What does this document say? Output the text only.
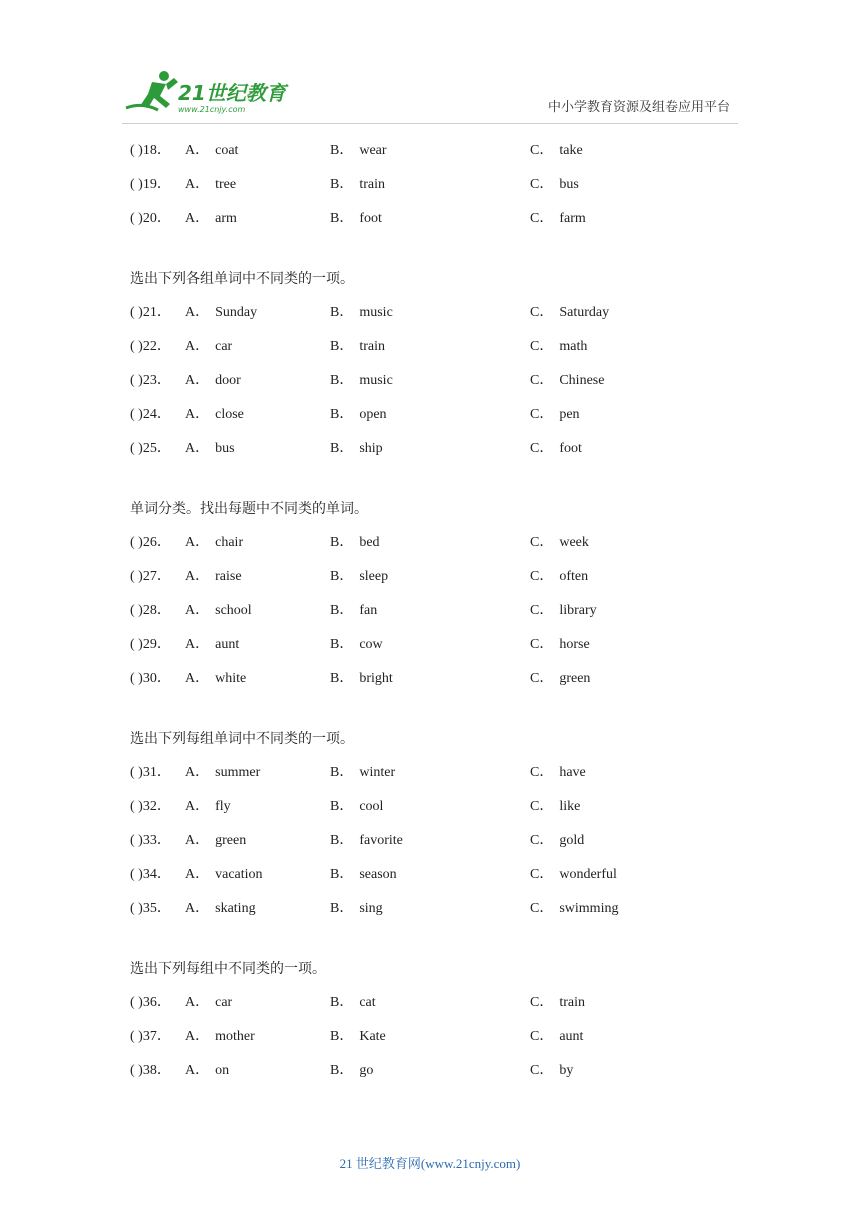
21世纪教育
www.21cnjy.com	中小学教育资源及组卷应用平台
( )18． A． coat	B． wear	C． take
( )19． A． tree	B． train	C． bus
( )20． A． arm	B． foot	C． farm
选出下列各组单词中不同类的一项。
( )21． A． Sunday	B． music	C． Saturday
( )22． A． car	B． train	C． math
( )23． A． door	B． music	C． Chinese
( )24． A． close	B． open	C． pen
( )25． A． bus	B． ship	C． foot
单词分类。找出每题中不同类的单词。
( )26． A． chair	B． bed	C． week
( )27． A． raise	B． sleep	C． often
( )28． A． school	B． fan	C． library
( )29． A． aunt	B． cow	C． horse
( )30． A． white	B． bright	C． green
选出下列每组单词中不同类的一项。
( )31． A． summer	B． winter	C． have
( )32． A． fly	B． cool	C． like
( )33． A． green	B． favorite	C． gold
( )34． A． vacation	B． season	C． wonderful
( )35． A． skating	B． sing	C． swimming
选出下列每组中不同类的一项。
( )36． A． car	B． cat	C． train
( )37． A． mother	B． Kate	C． aunt
( )38． A． on	B． go	C． by
21 世纪教育网(www.21cnjy.com)
